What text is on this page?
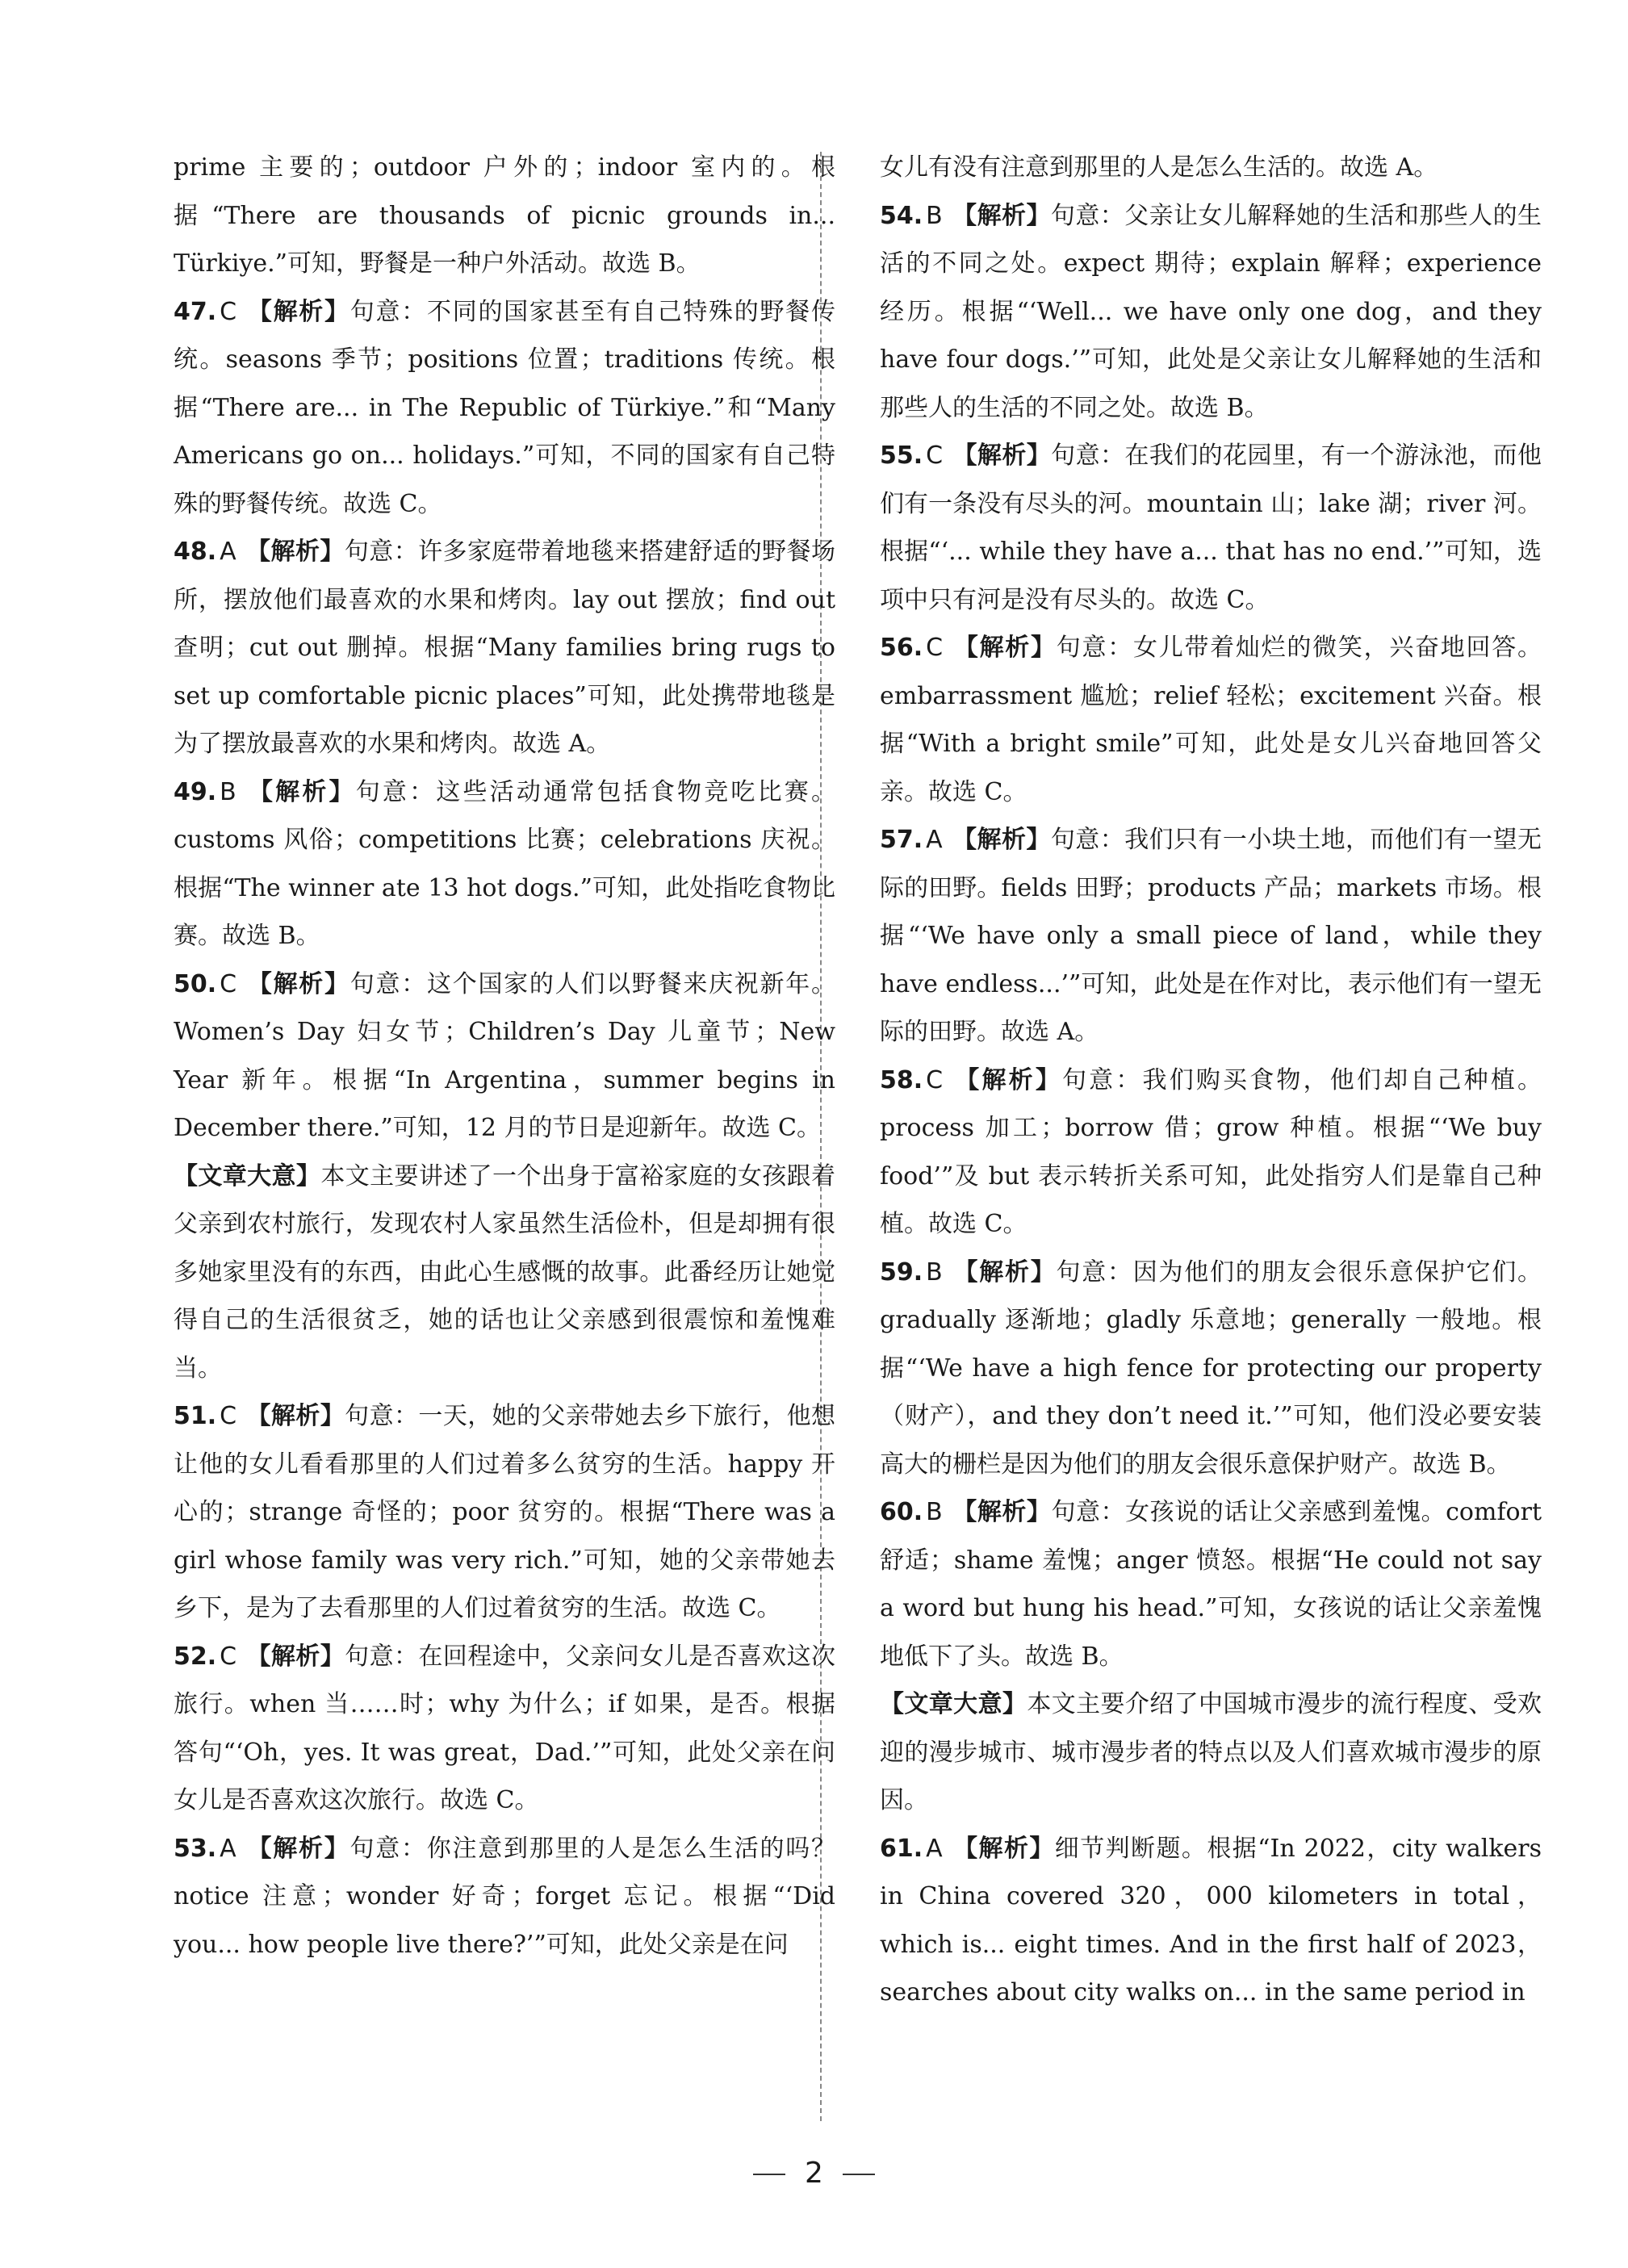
prime 主要的；outdoor 户外的；indoor 室内的。根据“There are thousands of picnic grounds in... Türkiye.”可知，野餐是一种户外活动。故选 B。

47. C 【解析】句意：不同的国家甚至有自己特殊的野餐传统。seasons 季节；positions 位置；traditions 传统。根据“There are... in The Republic of Türkiye.”和“Many Americans go on... holidays.”可知，不同的国家有自己特殊的野餐传统。故选 C。

48. A 【解析】句意：许多家庭带着地毯来搭建舒适的野餐场所，摆放他们最喜欢的水果和烤肉。lay out 摆放；find out 查明；cut out 删掉。根据“Many families bring rugs to set up comfortable picnic places”可知，此处携带地毯是为了摆放最喜欢的水果和烤肉。故选 A。

49. B 【解析】句意：这些活动通常包括食物竞吃比赛。customs 风俗；competitions 比赛；celebrations 庆祝。根据“The winner ate 13 hot dogs.”可知，此处指吃食物比赛。故选 B。

50. C 【解析】句意：这个国家的人们以野餐来庆祝新年。Women’s Day 妇女节；Children’s Day 儿童节；New Year 新年。根据“In Argentina，summer begins in December there.”可知，12 月的节日是迎新年。故选 C。

【文章大意】本文主要讲述了一个出身于富裕家庭的女孩跟着父亲到农村旅行，发现农村人家虽然生活俭朴，但是却拥有很多她家里没有的东西，由此心生感慨的故事。此番经历让她觉得自己的生活很贫乏，她的话也让父亲感到很震惊和羞愧难当。

51. C 【解析】句意：一天，她的父亲带她去乡下旅行，他想让他的女儿看看那里的人们过着多么贫穷的生活。happy 开心的；strange 奇怪的；poor 贫穷的。根据“There was a girl whose family was very rich.”可知，她的父亲带她去乡下，是为了去看那里的人们过着贫穷的生活。故选 C。

52. C 【解析】句意：在回程途中，父亲问女儿是否喜欢这次旅行。when 当……时；why 为什么；if 如果，是否。根据答句“‘Oh，yes. It was great，Dad.’”可知，此处父亲在问女儿是否喜欢这次旅行。故选 C。

53. A 【解析】句意：你注意到那里的人是怎么生活的吗？notice 注意；wonder 好奇；forget 忘记。根据“‘Did you... how people live there?’”可知，此处父亲是在问

女儿有没有注意到那里的人是怎么生活的。故选 A。

54. B 【解析】句意：父亲让女儿解释她的生活和那些人的生活的不同之处。expect 期待；explain 解释；experience 经历。根据“‘Well... we have only one dog，and they have four dogs.’”可知，此处是父亲让女儿解释她的生活和那些人的生活的不同之处。故选 B。

55. C 【解析】句意：在我们的花园里，有一个游泳池，而他们有一条没有尽头的河。mountain 山；lake 湖；river 河。根据“‘... while they have a... that has no end.’”可知，选项中只有河是没有尽头的。故选 C。

56. C 【解析】句意：女儿带着灿烂的微笑，兴奋地回答。embarrassment 尴尬；relief 轻松；excitement 兴奋。根据“With a bright smile”可知，此处是女儿兴奋地回答父亲。故选 C。

57. A 【解析】句意：我们只有一小块土地，而他们有一望无际的田野。fields 田野；products 产品；markets 市场。根据“‘We have only a small piece of land，while they have endless...’”可知，此处是在作对比，表示他们有一望无际的田野。故选 A。

58. C 【解析】句意：我们购买食物，他们却自己种植。process 加工；borrow 借；grow 种植。根据“‘We buy food’”及 but 表示转折关系可知，此处指穷人们是靠自己种植。故选 C。

59. B 【解析】句意：因为他们的朋友会很乐意保护它们。gradually 逐渐地；gladly 乐意地；generally 一般地。根据“‘We have a high fence for protecting our property（财产），and they don’t need it.’”可知，他们没必要安装高大的栅栏是因为他们的朋友会很乐意保护财产。故选 B。

60. B 【解析】句意：女孩说的话让父亲感到羞愧。comfort 舒适；shame 羞愧；anger 愤怒。根据“He could not say a word but hung his head.”可知，女孩说的话让父亲羞愧地低下了头。故选 B。

【文章大意】本文主要介绍了中国城市漫步的流行程度、受欢迎的漫步城市、城市漫步者的特点以及人们喜欢城市漫步的原因。

61. A 【解析】细节判断题。根据“In 2022，city walkers in China covered 320，000 kilometers in total，which is... eight times. And in the first half of 2023，searches about city walks on... in the same period in

2
